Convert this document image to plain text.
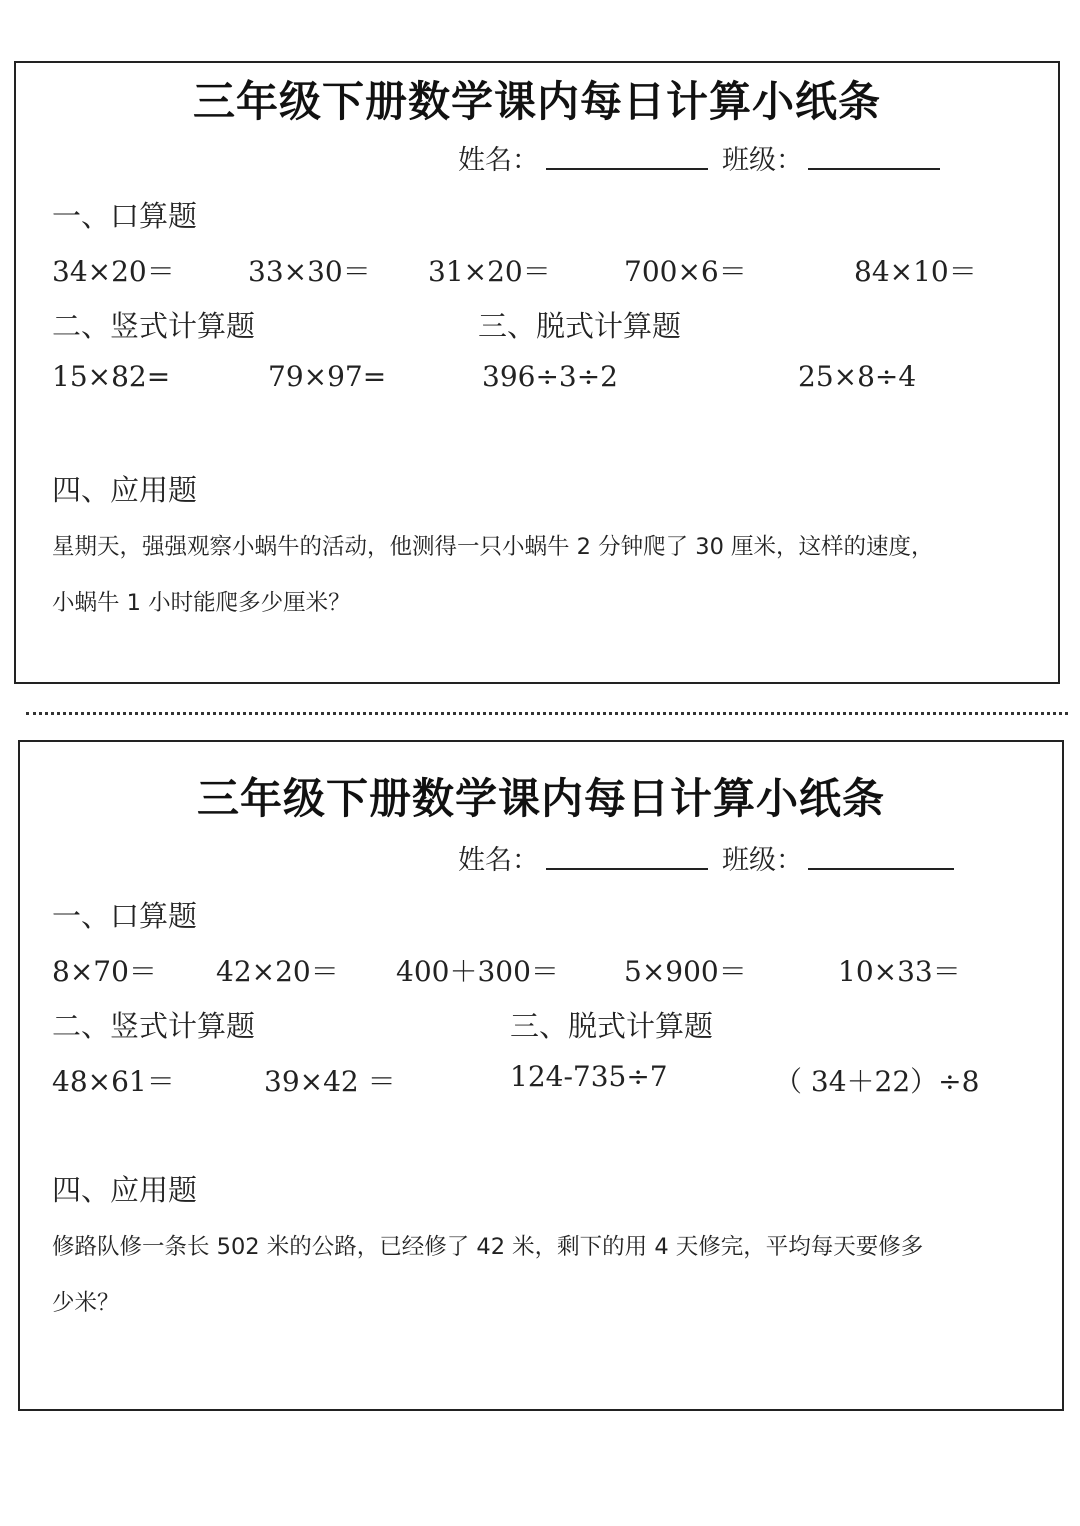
三年级下册数学课内每日计算小纸条
姓名：	班级：
一、口算题
34×20＝	33×30＝ 31×20＝	700×6＝	84×10＝
二、竖式计算题	三、脱式计算题
15×82=	79×97=	396÷3÷2	25×8÷4
四、应用题
星期天，强强观察小蜗牛的活动，他测得一只小蜗牛 2 分钟爬了 30 厘米，这样的速度，
小蜗牛 1 小时能爬多少厘米？
三年级下册数学课内每日计算小纸条
姓名：	班级：
一、口算题
8×70＝ 42×20＝ 400＋300＝ 5×900＝	10×33＝
二、竖式计算题	三、脱式计算题
48×61＝	39×42 ＝	124-735÷7	（ 34＋22）÷8
四、应用题
修路队修一条长 502 米的公路，已经修了 42 米，剩下的用 4 天修完，平均每天要修多
少米？
